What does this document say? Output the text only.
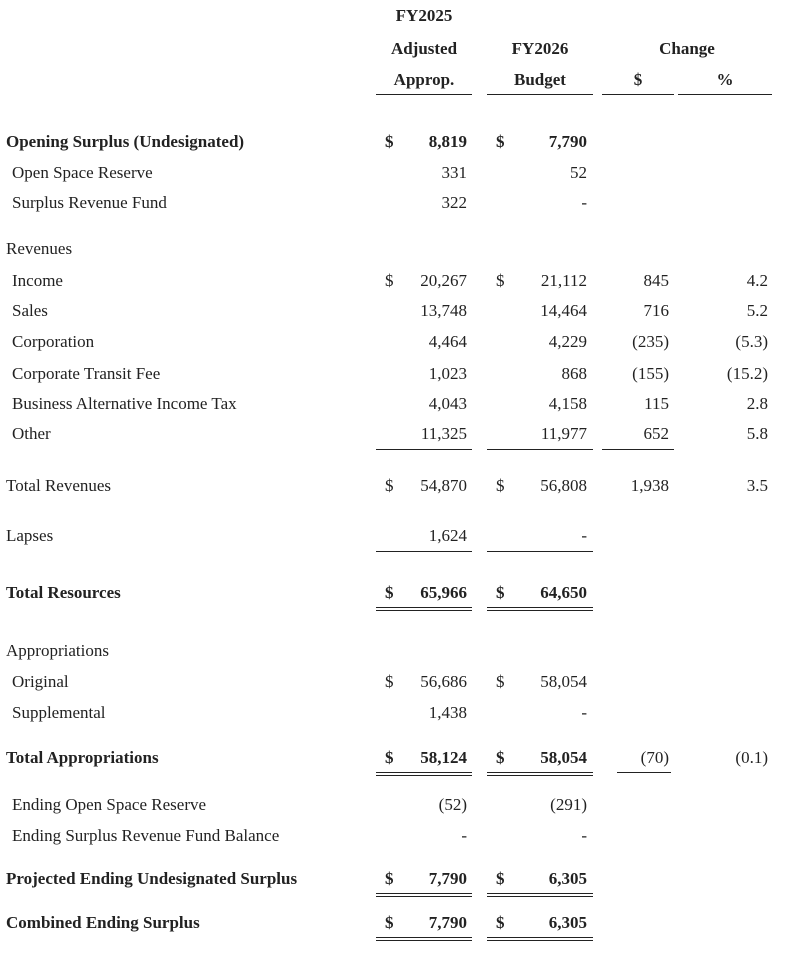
FY2025
Adjusted
Approp.
FY2026
Budget
Change
$	%
Opening Surplus (Undesignated)	$	8,819 $	7,790
Open Space Reserve	331	52
Surplus Revenue Fund	322	-
Revenues
Income	$	20,267 $	21,112	845	4.2
Sales	13,748	14,464	716	5.2
Corporation	4,464	4,229	(235)	(5.3)
Corporate Transit Fee	1,023	868	(155)	(15.2)
Business Alternative Income Tax	4,043	4,158	115	2.8
Other	11,325	11,977	652	5.8
Total Revenues	$	54,870 $	56,808	1,938	3.5
Lapses	1,624	-
Total Resources	$	65,966 $	64,650
Appropriations
Original	$	56,686 $	58,054
Supplemental	1,438	-
Total Appropriations	$	58,124 $	58,054	(70)	(0.1)
Ending Open Space Reserve	(52)	(291)
Ending Surplus Revenue Fund Balance	-	-
Projected Ending Undesignated Surplus	$	7,790 $	6,305
Combined Ending Surplus	$	7,790 $	6,305
